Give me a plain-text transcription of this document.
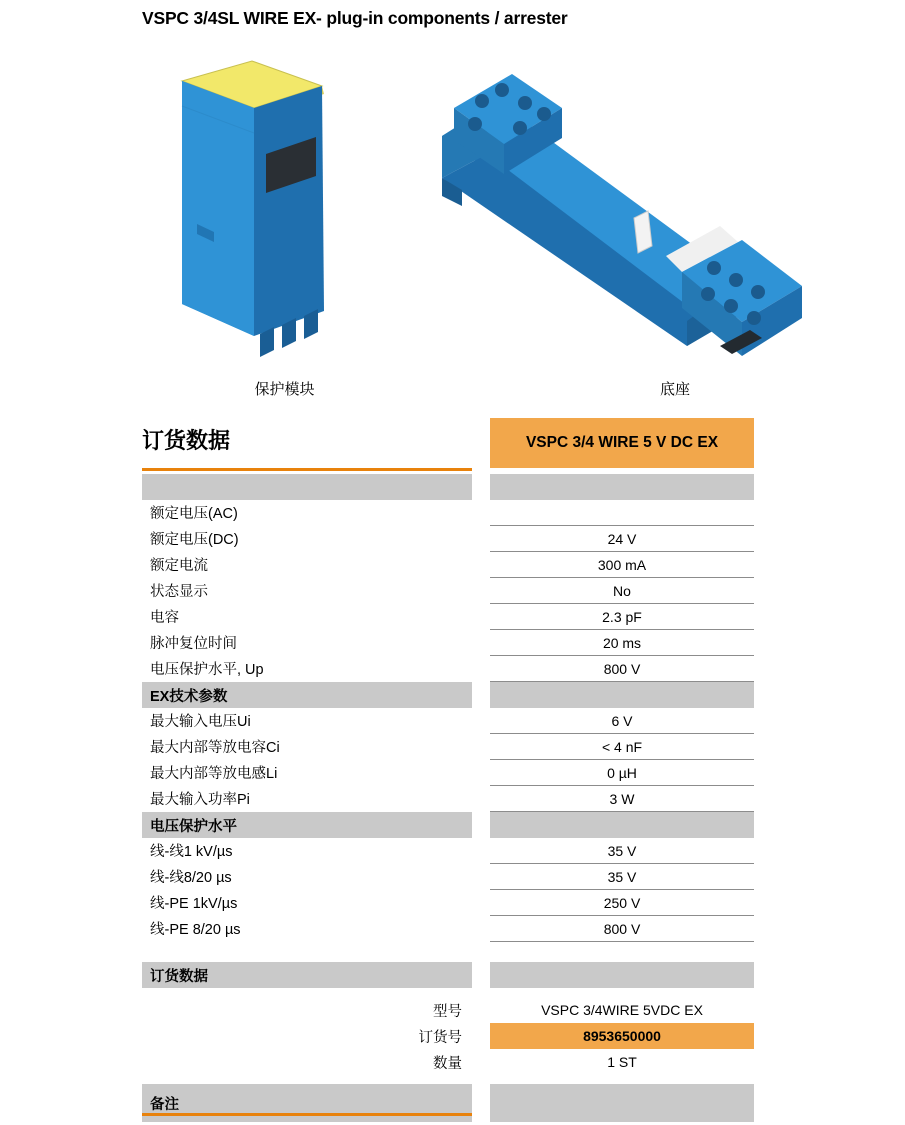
VSPC 3/4SL WIRE EX- plug-in components / arrester
保护模块	底座
订货数据	VSPC 3/4 WIRE 5 V DC EX
额定电压(AC)
额定电压(DC)	24 V
额定电流	300 mA
状态显示	No
电容	2.3 pF
脉冲复位时间	20 ms
电压保护水平, Up	800 V
EX技术参数
最大输入电压Ui	6 V
最大内部等放电容Ci	< 4 nF
最大内部等放电感Li	0 µH
最大输入功率Pi	3 W
电压保护水平
线-线1 kV/µs	35 V
线-线8/20 µs	35 V
线-PE 1kV/µs	250 V
线-PE 8/20 µs	800 V
订货数据
型号	VSPC 3/4WIRE 5VDC EX
订货号	8953650000
数量	1 ST
备注
